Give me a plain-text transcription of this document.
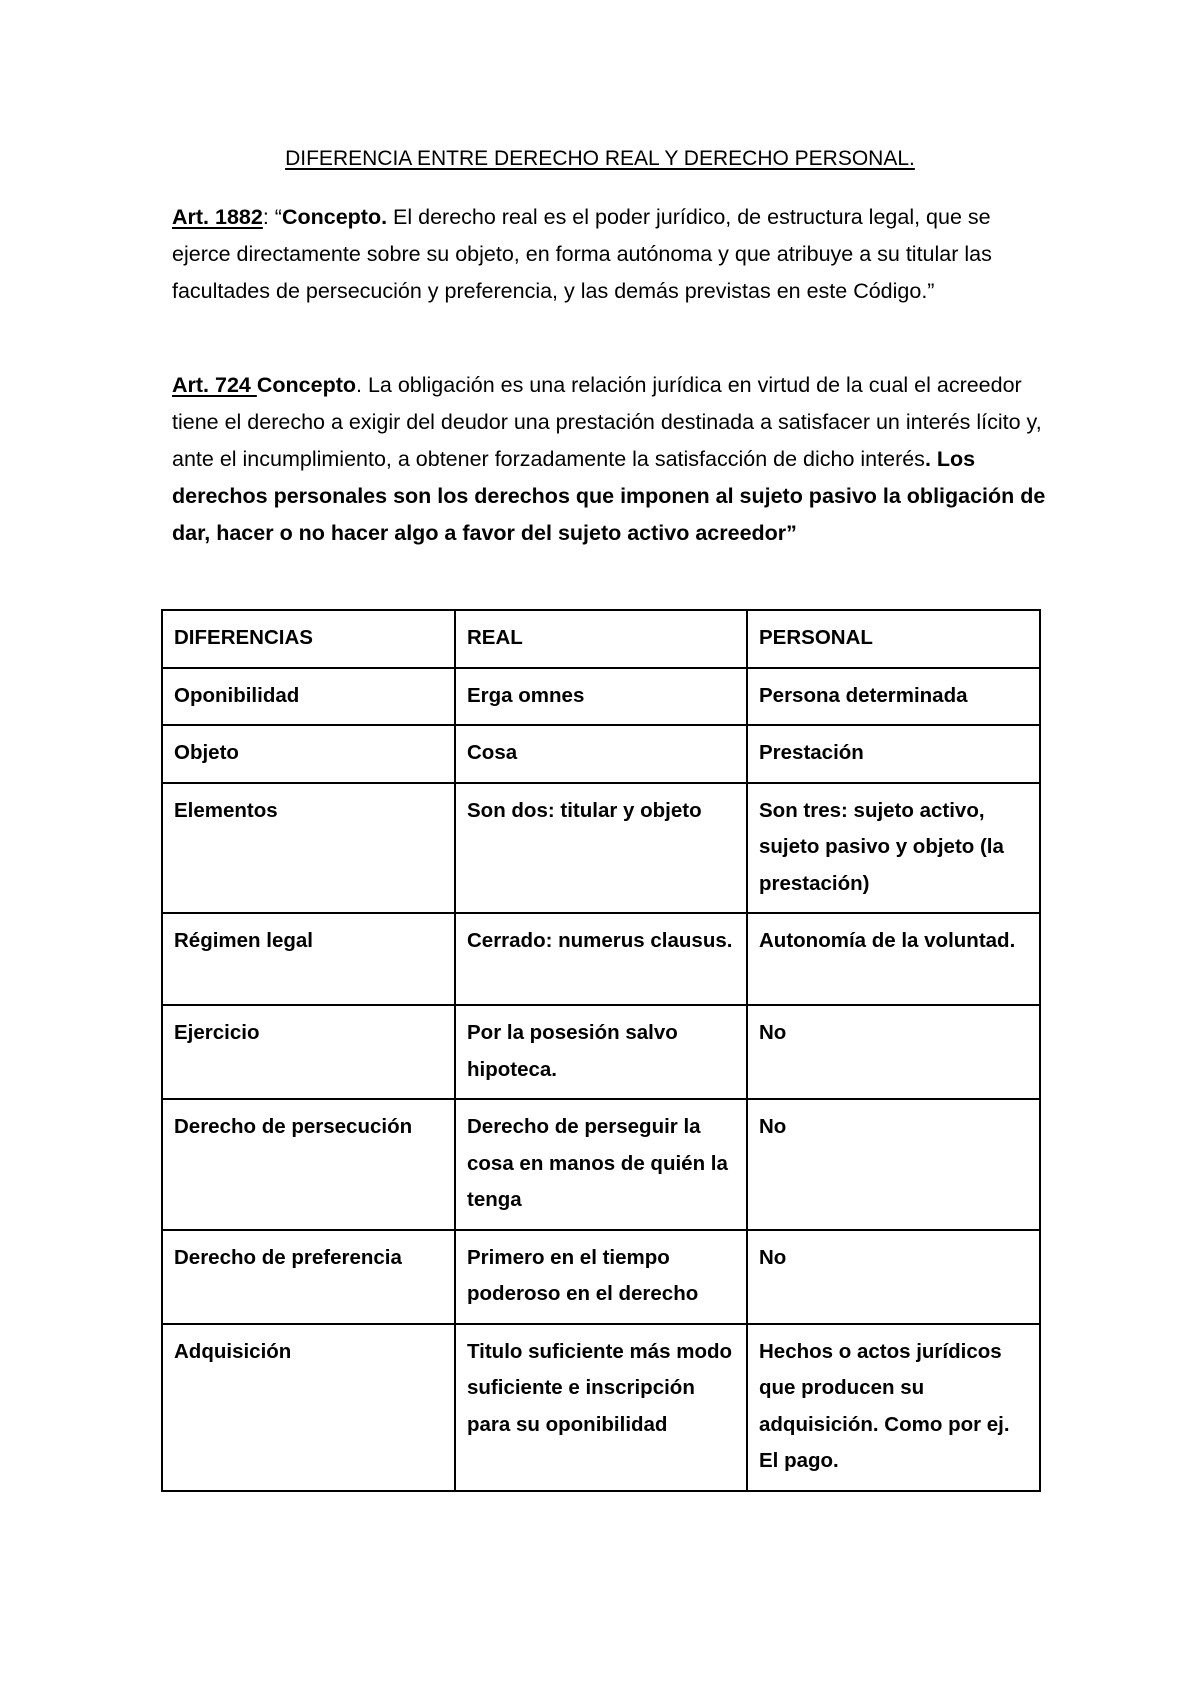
DIFERENCIA ENTRE DERECHO REAL Y DERECHO PERSONAL.
Art. 1882: “Concepto. El derecho real es el poder jurídico, de estructura legal, que se ejerce directamente sobre su objeto, en forma autónoma y que atribuye a su titular las facultades de persecución y preferencia, y las demás previstas en este Código.”
Art. 724 Concepto. La obligación es una relación jurídica en virtud de la cual el acreedor tiene el derecho a exigir del deudor una prestación destinada a satisfacer un interés lícito y, ante el incumplimiento, a obtener forzadamente la satisfacción de dicho interés. Los derechos personales son los derechos que imponen al sujeto pasivo la obligación de dar, hacer o no hacer algo a favor del sujeto activo acreedor”
DIFERENCIAS	REAL	PERSONAL
Oponibilidad	Erga omnes	Persona determinada
Objeto	Cosa	Prestación
Elementos	Son dos: titular y objeto	Son tres: sujeto activo, sujeto pasivo y objeto (la prestación)
Régimen legal	Cerrado: numerus clausus.	Autonomía de la voluntad.
Ejercicio	Por la posesión salvo hipoteca.	No
Derecho de persecución	Derecho de perseguir la cosa en manos de quién la tenga	No
Derecho de preferencia	Primero en el tiempo poderoso en el derecho	No
Adquisición	Titulo suficiente más modo suficiente e inscripción para su oponibilidad	Hechos o actos jurídicos que producen su adquisición. Como por ej. El pago.
